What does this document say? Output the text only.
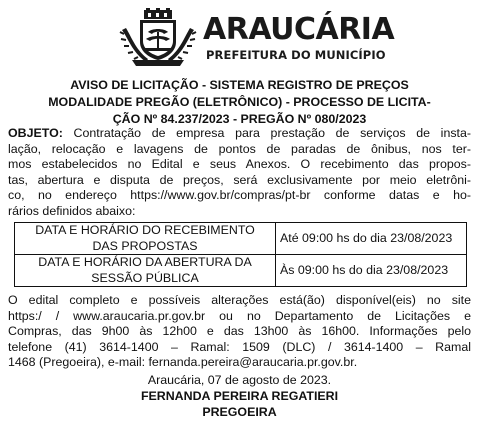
ARAUCÁRIA
PREFEITURA DO MUNICÍPIO
AVISO DE LICITAÇÃO - SISTEMA REGISTRO DE PREÇOS
MODALIDADE PREGÃO (ELETRÔNICO) - PROCESSO DE LICITA-
ÇÃO Nº 84.237/2023 - PREGÃO Nº 080/2023
OBJETO: Contratação de empresa para prestação de serviços de insta-
lação, relocação e lavagens de pontos de paradas de ônibus, nos ter-
mos estabelecidos no Edital e seus Anexos. O recebimento das propos-
tas, abertura e disputa de preços, será exclusivamente por meio eletrôni-
co, no endereço https://www.gov.br/compras/pt-br conforme datas e ho-
rários definidos abaixo:
DATA E HORÁRIO DO RECEBIMENTO
DAS PROPOSTAS	Até 09:00 hs do dia 23/08/2023

DATA E HORÁRIO DA ABERTURA DA
SESSÃO PÚBLICA	Às 09:00 hs do dia 23/08/2023
O edital completo e possíveis alterações está(ão) disponível(eis) no site
https:/ / www.araucaria.pr.gov.br ou no Departamento de Licitações e
Compras, das 9h00 às 12h00 e das 13h00 às 16h00. Informações pelo
telefone (41) 3614-1400 – Ramal: 1509 (DLC) / 3614-1400 – Ramal
1468 (Pregoeira), e-mail: fernanda.pereira@araucaria.pr.gov.br.
Araucária, 07 de agosto de 2023.
FERNANDA PEREIRA REGATIERI
PREGOEIRA
